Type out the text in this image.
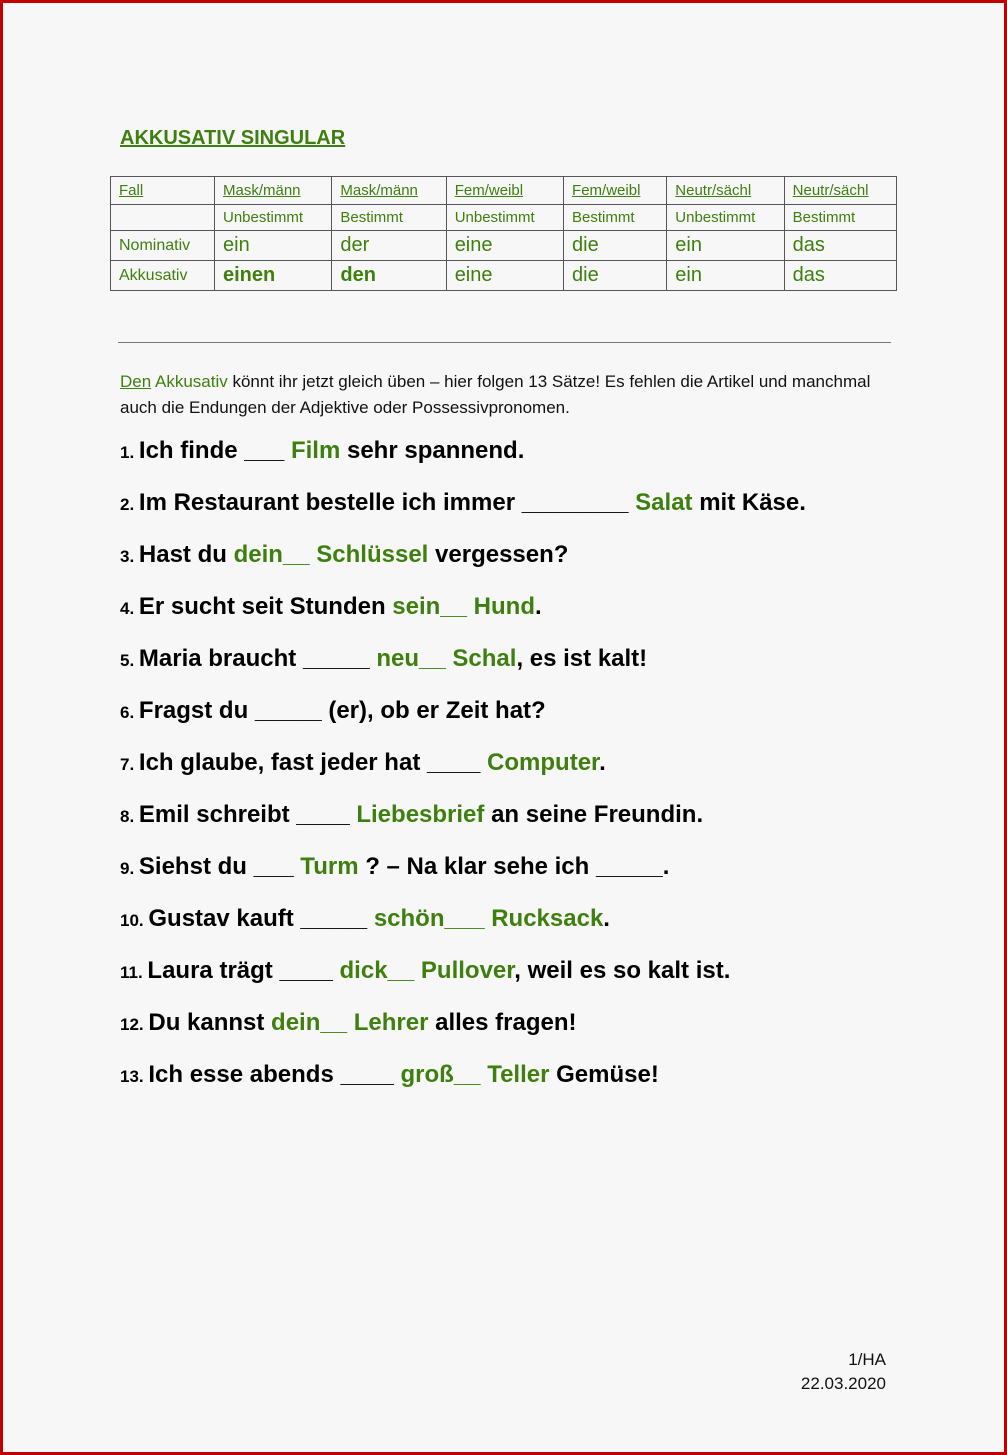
AKKUSATIV SINGULAR
Fall	Mask/männ	Mask/männ	Fem/weibl	Fem/weibl	Neutr/sächl	Neutr/sächl
	Unbestimmt	Bestimmt	Unbestimmt	Bestimmt	Unbestimmt	Bestimmt
Nominativ	ein	der	eine	die	ein	das
Akkusativ	einen	den	eine	die	ein	das
Den Akkusativ könnt ihr jetzt gleich üben – hier folgen 13 Sätze! Es fehlen die Artikel und manchmal auch die Endungen der Adjektive oder Possessivpronomen.
1. Ich finde ___ Film sehr spannend.
2. Im Restaurant bestelle ich immer ________ Salat mit Käse.
3. Hast du dein__ Schlüssel vergessen?
4. Er sucht seit Stunden sein__ Hund.
5. Maria braucht _____ neu__ Schal, es ist kalt!
6. Fragst du _____ (er), ob er Zeit hat?
7. Ich glaube, fast jeder hat ____ Computer.
8. Emil schreibt ____ Liebesbrief an seine Freundin.
9. Siehst du ___ Turm ? – Na klar sehe ich _____.
10. Gustav kauft _____ schön___ Rucksack.
11. Laura trägt ____ dick__ Pullover, weil es so kalt ist.
12. Du kannst dein__ Lehrer alles fragen!
13. Ich esse abends ____ groß__ Teller Gemüse!
1/HA
22.03.2020
